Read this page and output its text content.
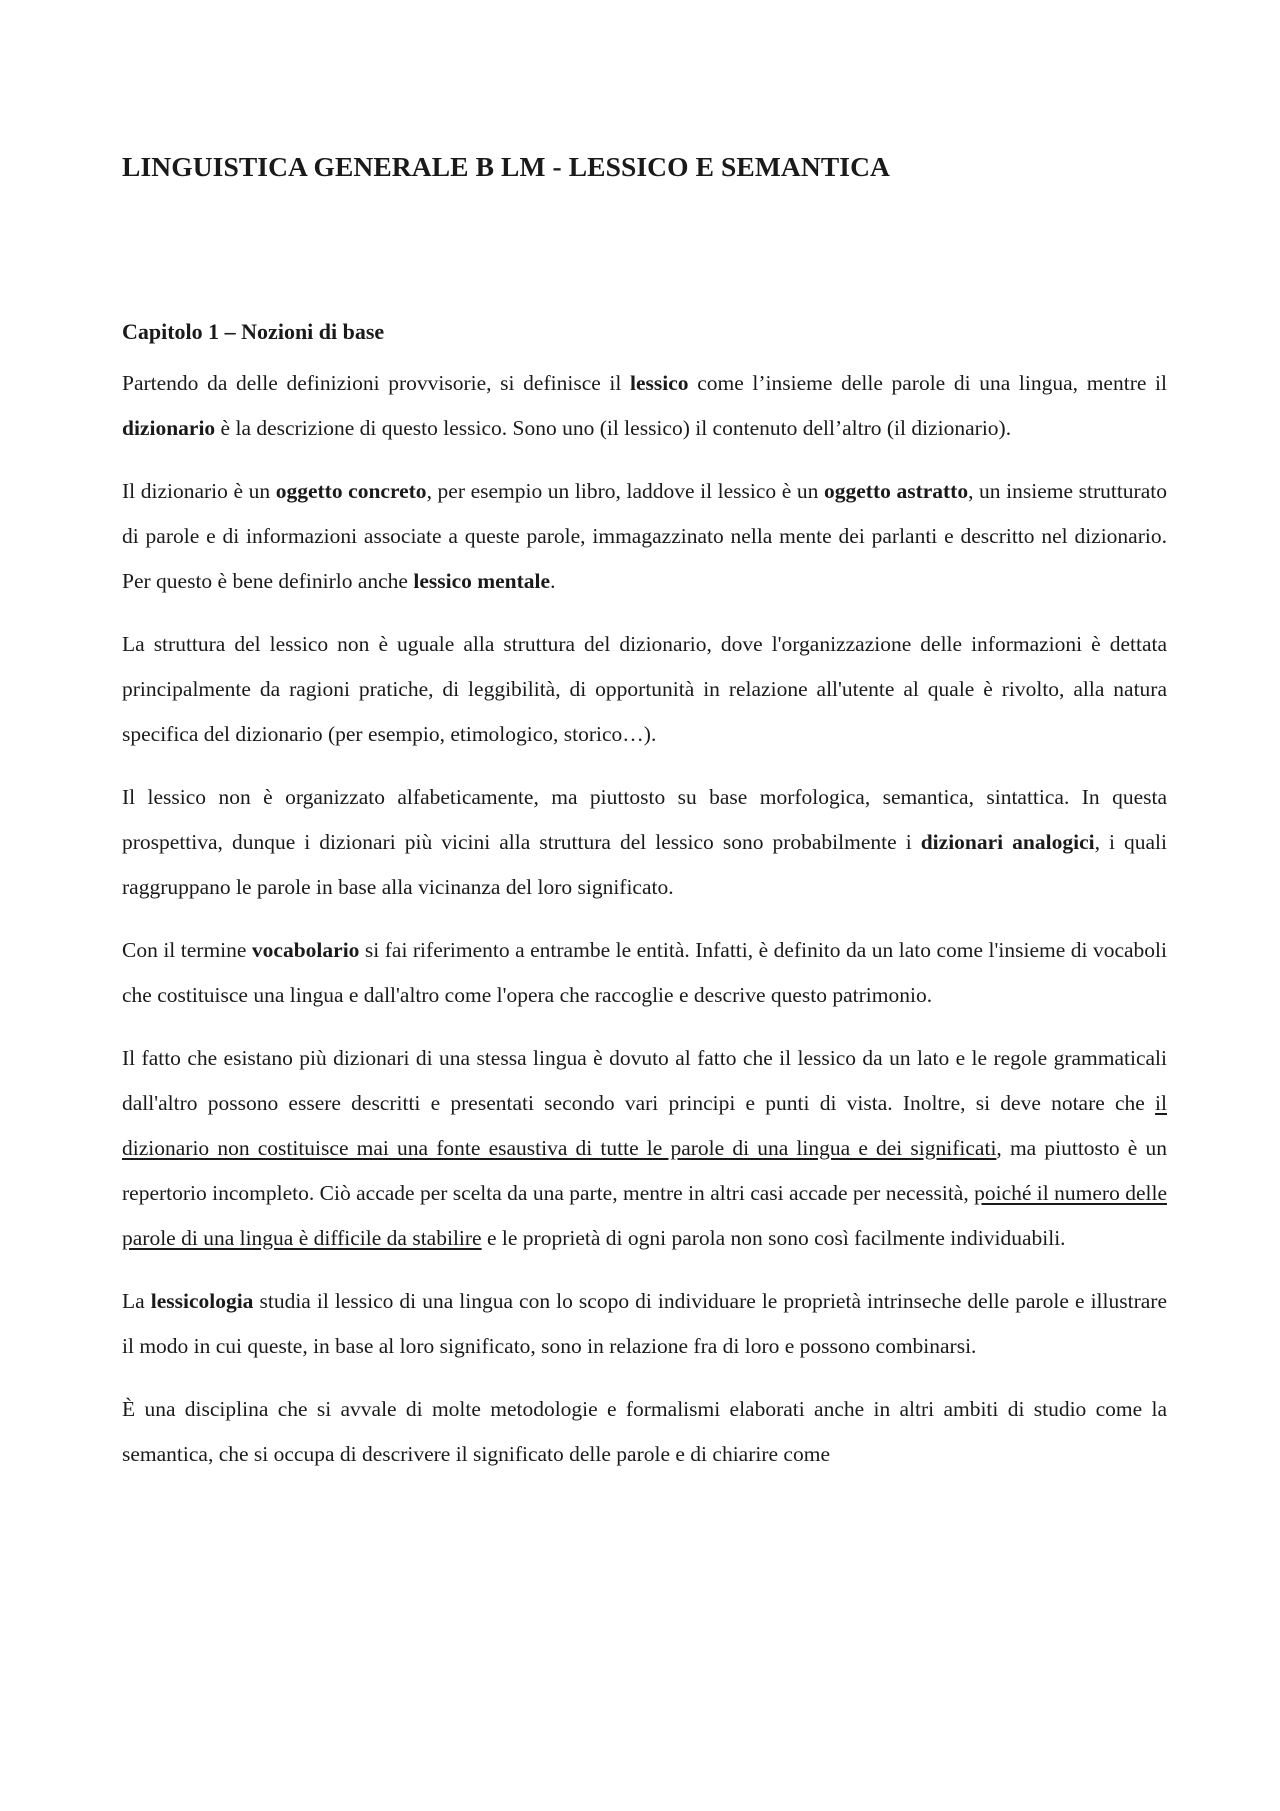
LINGUISTICA GENERALE B LM - LESSICO E SEMANTICA
Capitolo 1 – Nozioni di base

Partendo da delle definizioni provvisorie, si definisce il lessico come l’insieme delle parole di una lingua, mentre il dizionario è la descrizione di questo lessico. Sono uno (il lessico) il contenuto dell’altro (il dizionario).

Il dizionario è un oggetto concreto, per esempio un libro, laddove il lessico è un oggetto astratto, un insieme strutturato di parole e di informazioni associate a queste parole, immagazzinato nella mente dei parlanti e descritto nel dizionario. Per questo è bene definirlo anche lessico mentale.

La struttura del lessico non è uguale alla struttura del dizionario, dove l'organizzazione delle informazioni è dettata principalmente da ragioni pratiche, di leggibilità, di opportunità in relazione all'utente al quale è rivolto, alla natura specifica del dizionario (per esempio, etimologico, storico…).

Il lessico non è organizzato alfabeticamente, ma piuttosto su base morfologica, semantica, sintattica. In questa prospettiva, dunque i dizionari più vicini alla struttura del lessico sono probabilmente i dizionari analogici, i quali raggruppano le parole in base alla vicinanza del loro significato.

Con il termine vocabolario si fai riferimento a entrambe le entità. Infatti, è definito da un lato come l'insieme di vocaboli che costituisce una lingua e dall'altro come l'opera che raccoglie e descrive questo patrimonio.

Il fatto che esistano più dizionari di una stessa lingua è dovuto al fatto che il lessico da un lato e le regole grammaticali dall'altro possono essere descritti e presentati secondo vari principi e punti di vista. Inoltre, si deve notare che il dizionario non costituisce mai una fonte esaustiva di tutte le parole di una lingua e dei significati, ma piuttosto è un repertorio incompleto. Ciò accade per scelta da una parte, mentre in altri casi accade per necessità, poiché il numero delle parole di una lingua è difficile da stabilire e le proprietà di ogni parola non sono così facilmente individuabili.

La lessicologia studia il lessico di una lingua con lo scopo di individuare le proprietà intrinseche delle parole e illustrare il modo in cui queste, in base al loro significato, sono in relazione fra di loro e possono combinarsi.

È una disciplina che si avvale di molte metodologie e formalismi elaborati anche in altri ambiti di studio come la semantica, che si occupa di descrivere il significato delle parole e di chiarire come
